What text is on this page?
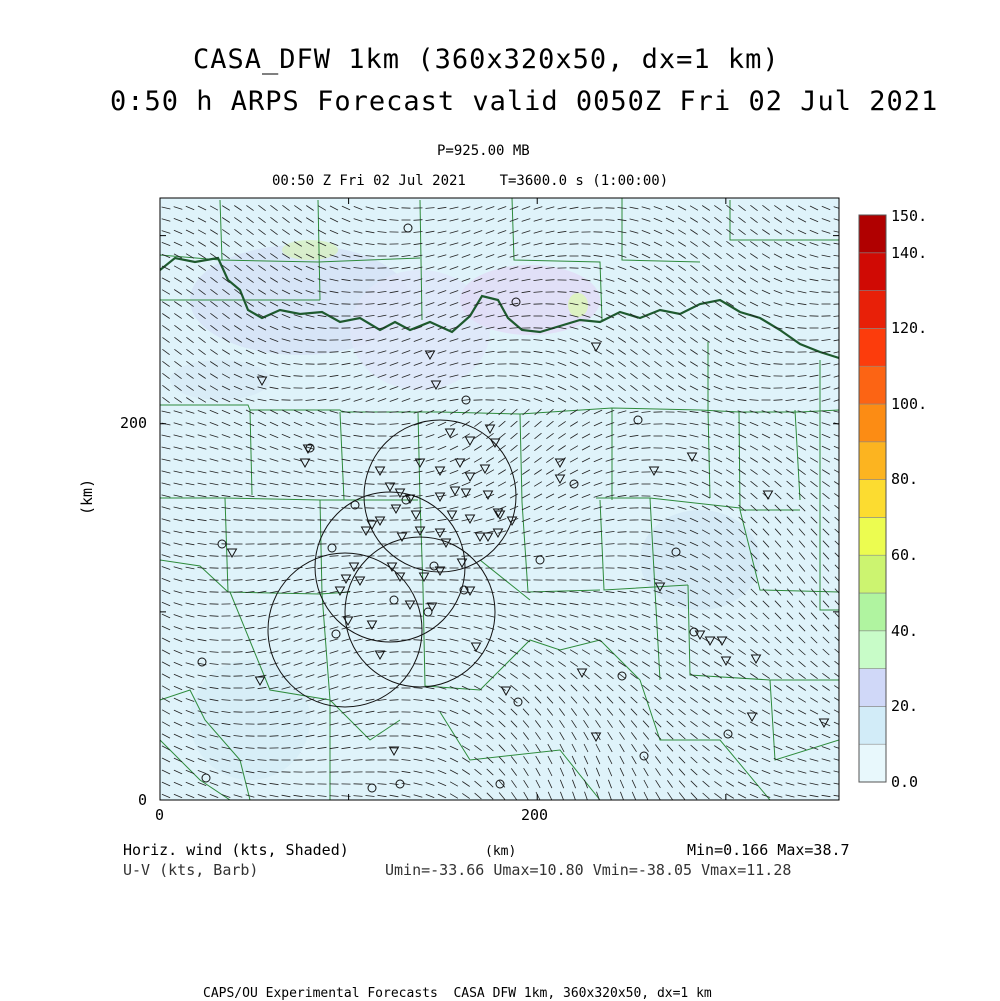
CASA_DFW 1km (360x320x50, dx=1 km)
0:50 h ARPS Forecast valid 0050Z Fri 02 Jul 2021
P=925.00 MB
00:50 Z Fri 02 Jul 2021    T=3600.0 s (1:00:00)
(km)
(km)
0	200
0
200
150.
140.
120.
100.
80.
60.
40.
20.
0.0
Horiz. wind (kts, Shaded)
U-V (kts, Barb)
Min=0.166 Max=38.7
Umin=-33.66 Umax=10.80 Vmin=-38.05 Vmax=11.28
CAPS/OU Experimental Forecasts  CASA DFW 1km, 360x320x50, dx=1 km
